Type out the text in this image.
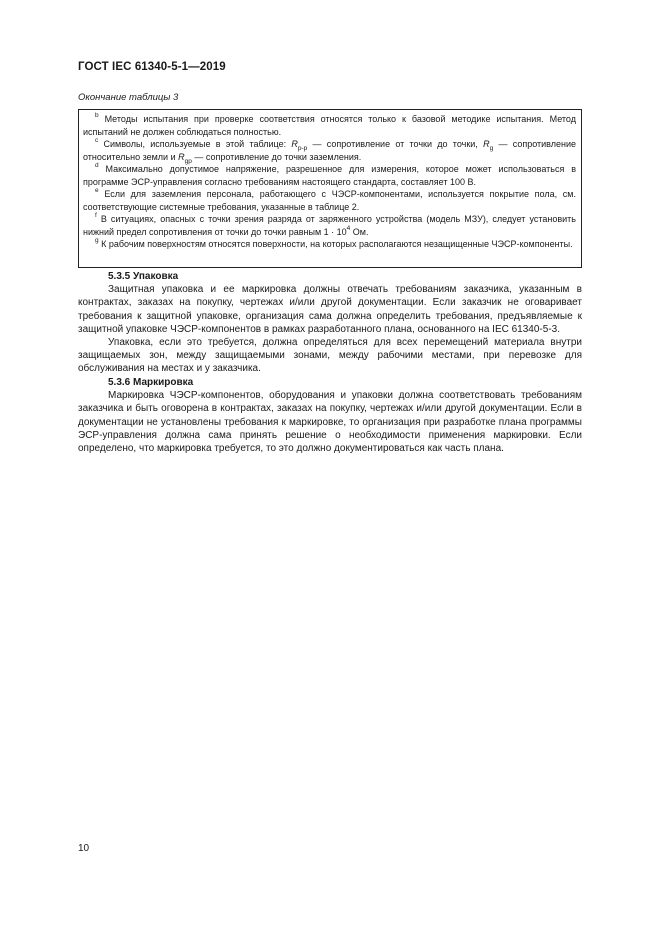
ГОСТ IEC 61340-5-1—2019
Окончание таблицы 3

$^b$ Методы испытания при проверке соответствия относятся только к базовой методике испытания. Метод испытаний не должен соблюдаться полностью.

$^c$ Символы, используемые в этой таблице: $R_{p-p}$ — сопротивление от точки до точки, $R_g$ — сопротивление относительно земли и $R_{gp}$ — сопротивление до точки заземления.

$^d$ Максимально допустимое напряжение, разрешенное для измерения, которое может использоваться в программе ЭСР-управления согласно требованиям настоящего стандарта, составляет 100 В.

$^e$ Если для заземления персонала, работающего с ЧЭСР-компонентами, используется покрытие пола, см. соответствующие системные требования, указанные в таблице 2.

$^f$ В ситуациях, опасных с точки зрения разряда от заряженного устройства (модель МЗУ), следует установить нижний предел сопротивления от точки до точки равным $1 \cdot 10^4$ Ом.

$^g$ К рабочим поверхностям относятся поверхности, на которых располагаются незащищенные ЧЭСР-компоненты.

5.3.5 Упаковка

Защитная упаковка и ее маркировка должны отвечать требованиям заказчика, указанным в контрактах, заказах на покупку, чертежах и/или другой документации. Если заказчик не оговаривает требования к защитной упаковке, организация сама должна определить требования, предъявляемые к защитной упаковке ЧЭСР-компонентов в рамках разработанного плана, основанного на IEC 61340-5-3.

Упаковка, если это требуется, должна определяться для всех перемещений материала внутри защищаемых зон, между защищаемыми зонами, между рабочими местами, при перевозке для обслуживания на местах и у заказчика.

5.3.6 Маркировка

Маркировка ЧЭСР-компонентов, оборудования и упаковки должна соответствовать требованиям заказчика и быть оговорена в контрактах, заказах на покупку, чертежах и/или другой документации. Если в документации не установлены требования к маркировке, то организация при разработке плана программы ЭСР-управления должна сама принять решение о необходимости применения маркировки. Если определено, что маркировка требуется, то это должно документироваться как часть плана.

10
